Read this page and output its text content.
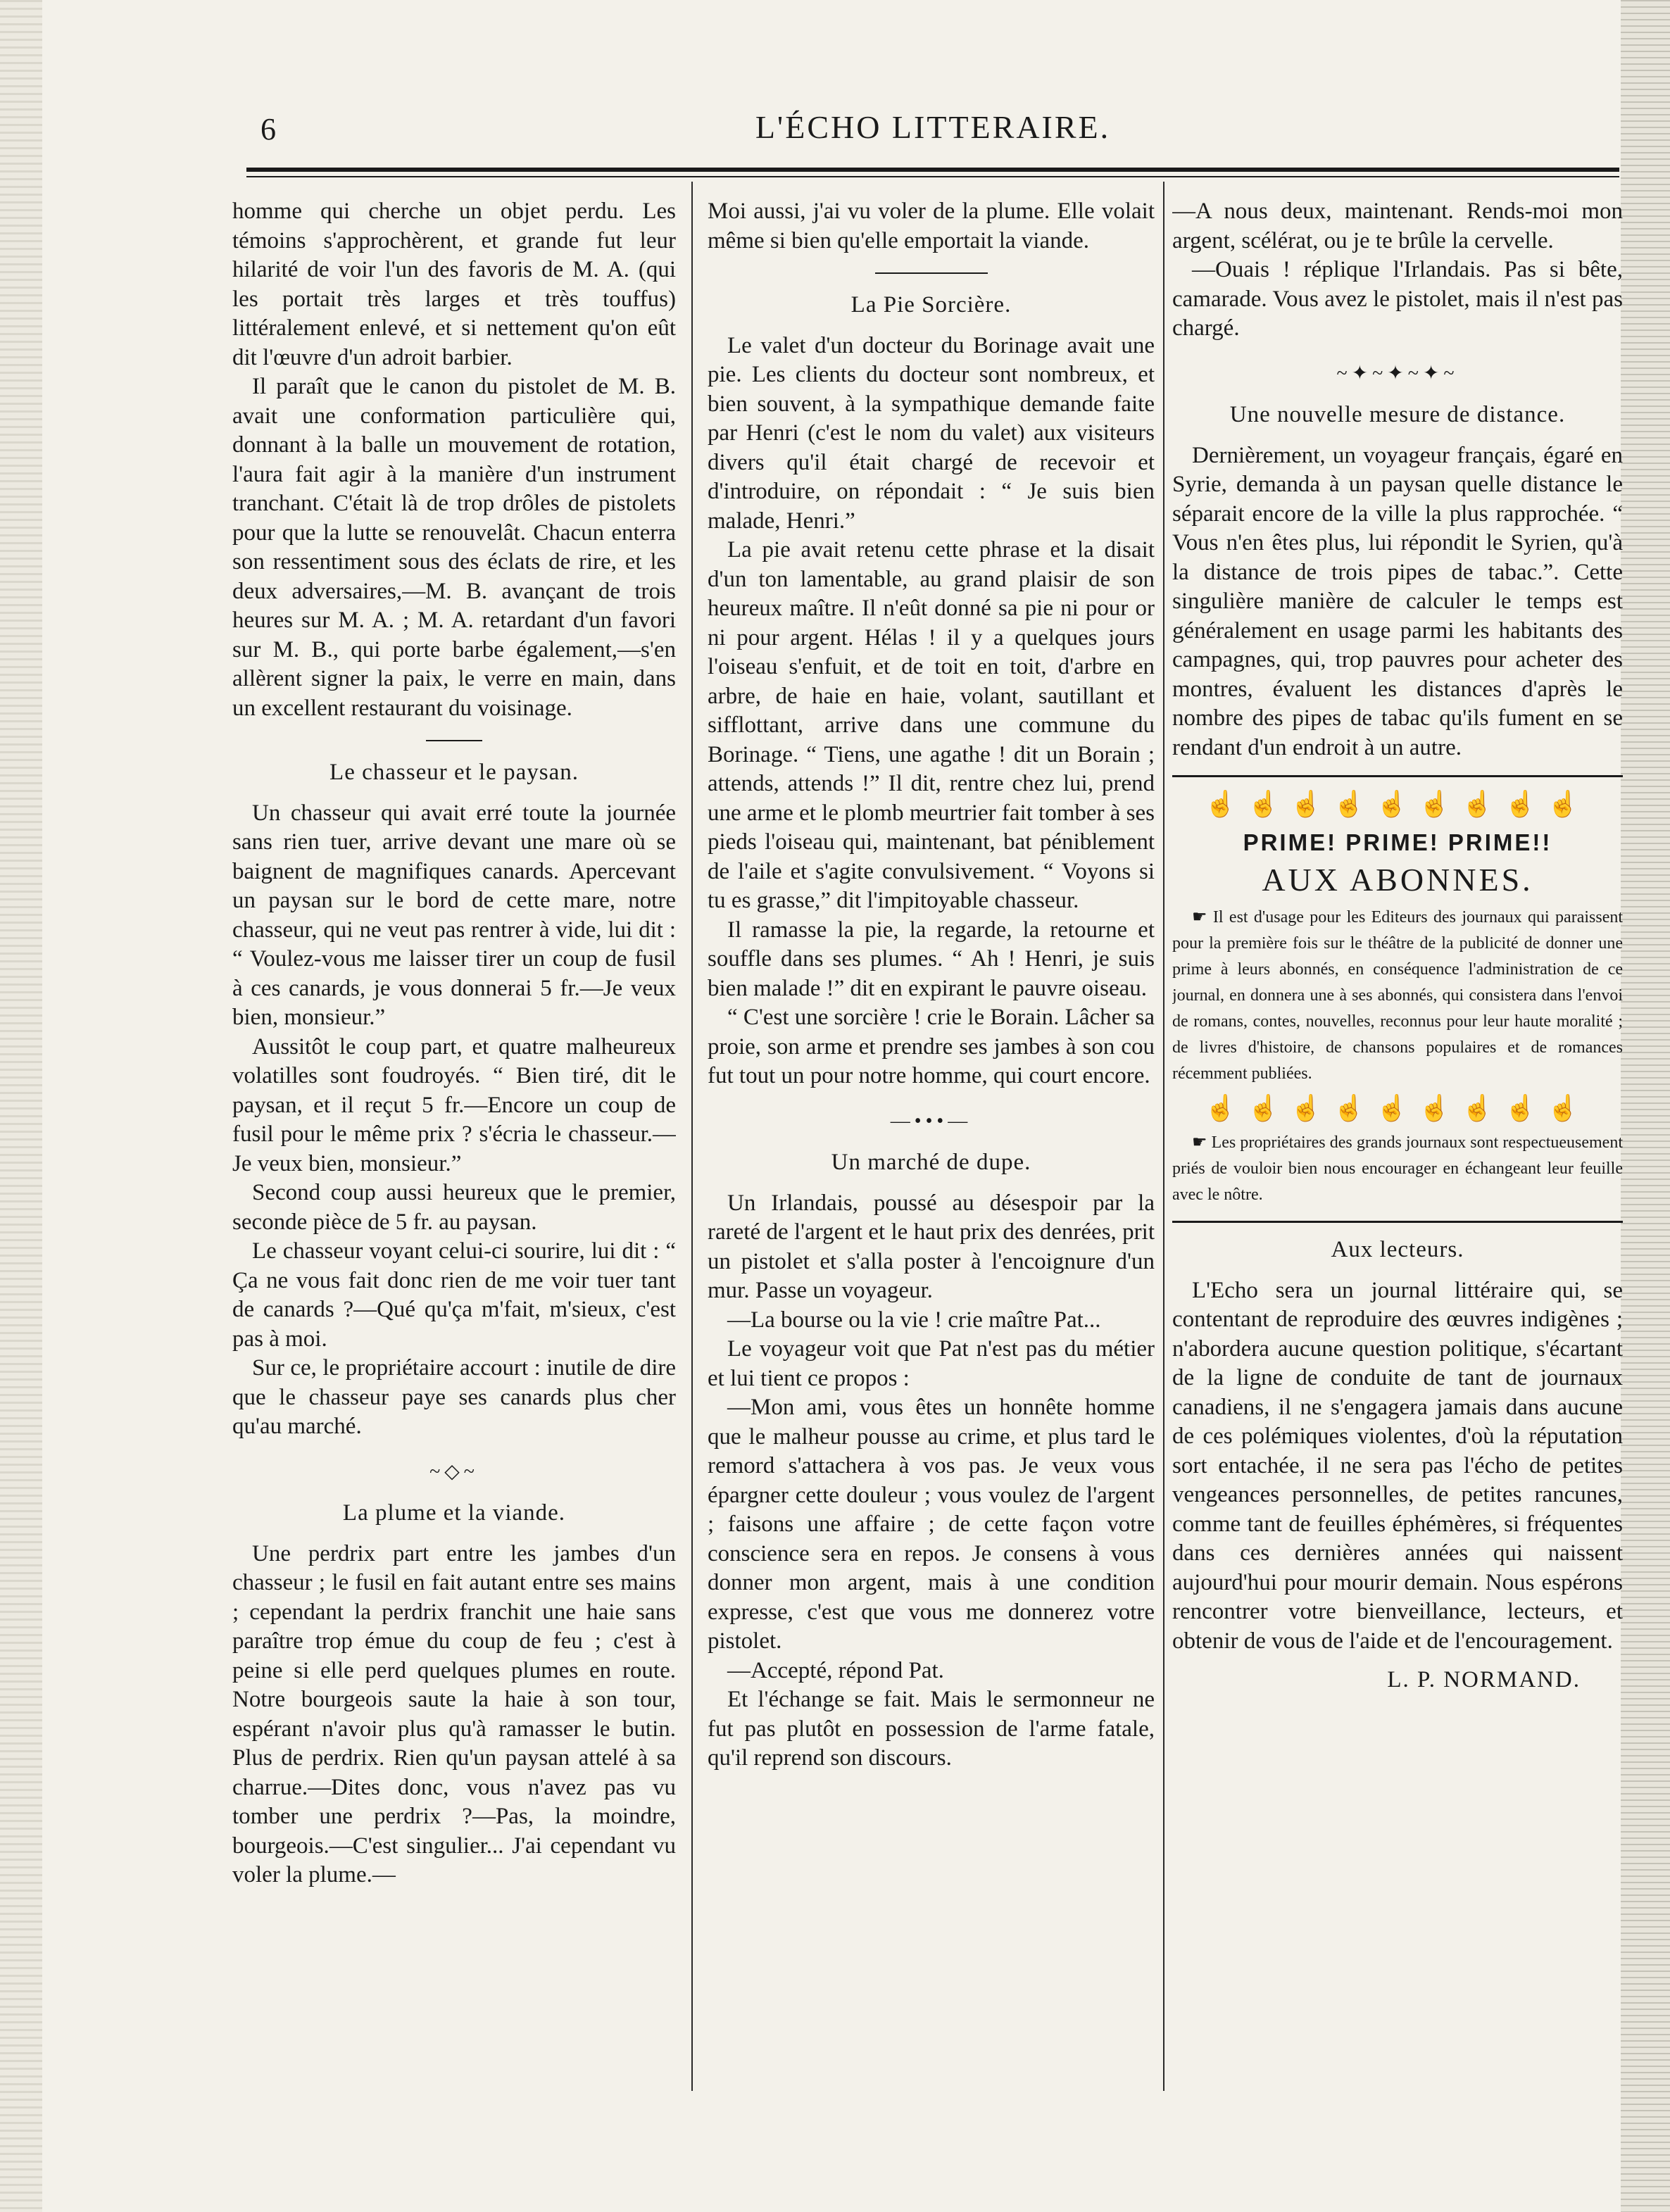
6	L'ÉCHO LITTERAIRE.

homme qui cherche un objet perdu. Les témoins s'approchèrent, et grande fut leur hilarité de voir l'un des favoris de M. A. (qui les portait très larges et très touffus) littéralement enlevé, et si nettement qu'on eût dit l'œuvre d'un adroit barbier.

Il paraît que le canon du pistolet de M. B. avait une conformation particulière qui, donnant à la balle un mouvement de rotation, l'aura fait agir à la manière d'un instrument tranchant. C'était là de trop drôles de pistolets pour que la lutte se renouvelât. Chacun enterra son ressentiment sous des éclats de rire, et les deux adversaires,—M. B. avançant de trois heures sur M. A. ; M. A. retardant d'un favori sur M. B., qui porte barbe également,—s'en allèrent signer la paix, le verre en main, dans un excellent restaurant du voisinage.

Le chasseur et le paysan.

Un chasseur qui avait erré toute la journée sans rien tuer, arrive devant une mare où se baignent de magnifiques canards. Apercevant un paysan sur le bord de cette mare, notre chasseur, qui ne veut pas rentrer à vide, lui dit : “ Voulez-vous me laisser tirer un coup de fusil à ces canards, je vous donnerai 5 fr.—Je veux bien, monsieur.”

Aussitôt le coup part, et quatre malheureux volatilles sont foudroyés. “ Bien tiré, dit le paysan, et il reçut 5 fr.—Encore un coup de fusil pour le même prix ? s'écria le chasseur.—Je veux bien, monsieur.”

Second coup aussi heureux que le premier, seconde pièce de 5 fr. au paysan.

Le chasseur voyant celui-ci sourire, lui dit : “ Ça ne vous fait donc rien de me voir tuer tant de canards ?—Qué qu'ça m'fait, m'sieux, c'est pas à moi.

Sur ce, le propriétaire accourt : inutile de dire que le chasseur paye ses canards plus cher qu'au marché.

~◇~
La plume et la viande.

Une perdrix part entre les jambes d'un chasseur ; le fusil en fait autant entre ses mains ; cependant la perdrix franchit une haie sans paraître trop émue du coup de feu ; c'est à peine si elle perd quelques plumes en route. Notre bourgeois saute la haie à son tour, espérant n'avoir plus qu'à ramasser le butin. Plus de perdrix. Rien qu'un paysan attelé à sa charrue.—Dites donc, vous n'avez pas vu tomber une perdrix ?—Pas, la moindre, bourgeois.—C'est singulier... J'ai cependant vu voler la plume.—

Moi aussi, j'ai vu voler de la plume. Elle volait même si bien qu'elle emportait la viande.

La Pie Sorcière.

Le valet d'un docteur du Borinage avait une pie. Les clients du docteur sont nombreux, et bien souvent, à la sympathique demande faite par Henri (c'est le nom du valet) aux visiteurs divers qu'il était chargé de recevoir et d'introduire, on répondait : “ Je suis bien malade, Henri.”

La pie avait retenu cette phrase et la disait d'un ton lamentable, au grand plaisir de son heureux maître. Il n'eût donné sa pie ni pour or ni pour argent. Hélas ! il y a quelques jours l'oiseau s'enfuit, et de toit en toit, d'arbre en arbre, de haie en haie, volant, sautillant et sifflottant, arrive dans une commune du Borinage. “ Tiens, une agathe ! dit un Borain ; attends, attends !” Il dit, rentre chez lui, prend une arme et le plomb meurtrier fait tomber à ses pieds l'oiseau qui, maintenant, bat péniblement de l'aile et s'agite convulsivement. “ Voyons si tu es grasse,” dit l'impitoyable chasseur.

Il ramasse la pie, la regarde, la retourne et souffle dans ses plumes. “ Ah ! Henri, je suis bien malade !” dit en expirant le pauvre oiseau.

“ C'est une sorcière ! crie le Borain. Lâcher sa proie, son arme et prendre ses jambes à son cou fut tout un pour notre homme, qui court encore.

—•••—
Un marché de dupe.

Un Irlandais, poussé au désespoir par la rareté de l'argent et le haut prix des denrées, prit un pistolet et s'alla poster à l'encoignure d'un mur. Passe un voyageur.

—La bourse ou la vie ! crie maître Pat...

Le voyageur voit que Pat n'est pas du métier et lui tient ce propos :

—Mon ami, vous êtes un honnête homme que le malheur pousse au crime, et plus tard le remord s'attachera à vos pas. Je veux vous épargner cette douleur ; vous voulez de l'argent ; faisons une affaire ; de cette façon votre conscience sera en repos. Je consens à vous donner mon argent, mais à une condition expresse, c'est que vous me donnerez votre pistolet.

—Accepté, répond Pat.

Et l'échange se fait. Mais le sermonneur ne fut pas plutôt en possession de l'arme fatale, qu'il reprend son discours.

—A nous deux, maintenant. Rends-moi mon argent, scélérat, ou je te brûle la cervelle.

—Ouais ! réplique l'Irlandais. Pas si bête, camarade. Vous avez le pistolet, mais il n'est pas chargé.

~✦~✦~✦~
Une nouvelle mesure de distance.

Dernièrement, un voyageur français, égaré en Syrie, demanda à un paysan quelle distance le séparait encore de la ville la plus rapprochée. “ Vous n'en êtes plus, lui répondit le Syrien, qu'à la distance de trois pipes de tabac.”. Cette singulière manière de calculer le temps est généralement en usage parmi les habitants des campagnes, qui, trop pauvres pour acheter des montres, évaluent les distances d'après le nombre des pipes de tabac qu'ils fument en se rendant d'un endroit à un autre.

☝☝☝☝☝☝☝☝☝
PRIME! PRIME! PRIME!!
AUX ABONNES.

☛ Il est d'usage pour les Editeurs des journaux qui paraissent pour la première fois sur le théâtre de la publicité de donner une prime à leurs abonnés, en conséquence l'administration de ce journal, en donnera une à ses abonnés, qui consistera dans l'envoi de romans, contes, nouvelles, reconnus pour leur haute moralité ; de livres d'histoire, de chansons populaires et de romances récemment publiées.

☝☝☝☝☝☝☝☝☝

☛ Les propriétaires des grands journaux sont respectueusement priés de vouloir bien nous encourager en échangeant leur feuille avec le nôtre.

Aux lecteurs.

L'Echo sera un journal littéraire qui, se contentant de reproduire des œuvres indigènes ; n'abordera aucune question politique, s'écartant de la ligne de conduite de tant de journaux canadiens, il ne s'engagera jamais dans aucune de ces polémiques violentes, d'où la réputation sort entachée, il ne sera pas l'écho de petites vengeances personnelles, de petites rancunes, comme tant de feuilles éphémères, si fréquentes dans ces dernières années qui naissent aujourd'hui pour mourir demain. Nous espérons rencontrer votre bienveillance, lecteurs, et obtenir de vous de l'aide et de l'encouragement.

L. P. NORMAND.
